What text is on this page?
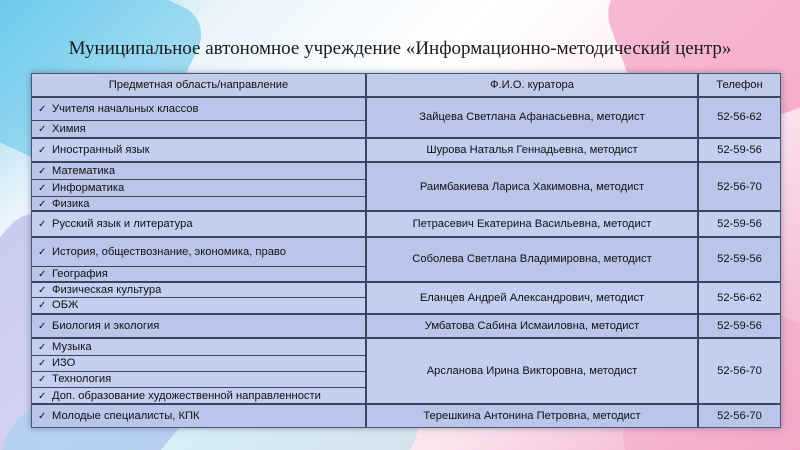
Муниципальное автономное учреждение «Информационно-методический центр»
Предметная область/направление	Ф.И.О. куратора	Телефон
✓ Учителя начальных классов	Зайцева Светлана Афанасьевна, методист	52-56-62
✓ Химия		
✓ Иностранный язык	Шурова Наталья Геннадьевна, методист	52-59-56
✓ Математика	Раимбакиева Лариса Хакимовна, методист	52-56-70
✓ Информатика		
✓ Физика		
✓ Русский язык и литература	Петрасевич Екатерина Васильевна, методист	52-59-56
✓ История, обществознание, экономика, право	Соболева Светлана Владимировна, методист	52-59-56
✓ География		
✓ Физическая культура	Еланцев Андрей Александрович, методист	52-56-62
✓ ОБЖ		
✓ Биология и экология	Умбатова Сабина Исмаиловна, методист	52-59-56
✓ Музыка	Арсланова Ирина Викторовна, методист	52-56-70
✓ ИЗО		
✓ Технология		
✓ Доп. образование художественной направленности		
✓ Молодые специалисты, КПК	Терешкина Антонина Петровна, методист	52-56-70
